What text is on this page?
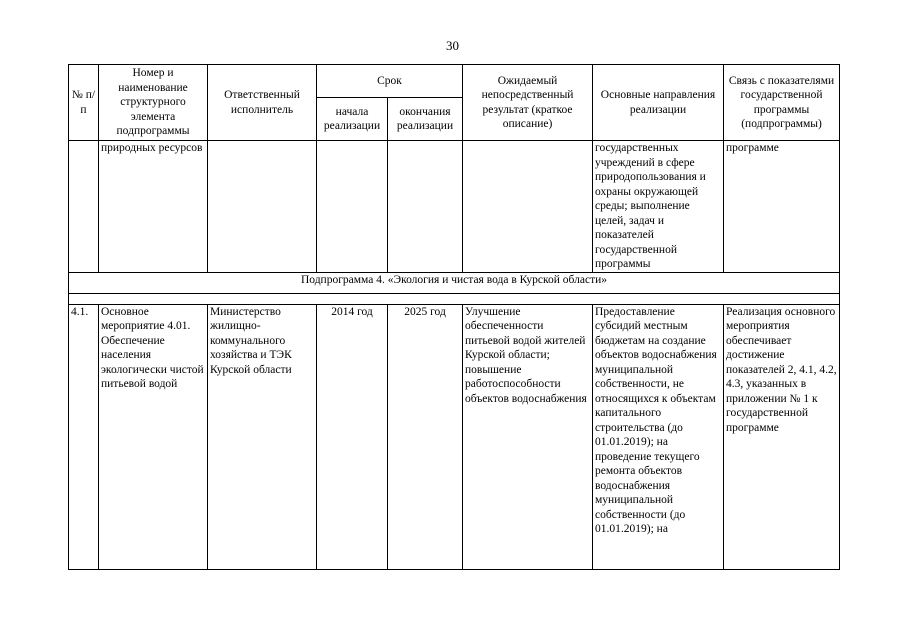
30
№ п/п	Номер и наименование структурного элемента подпрограммы	Ответственный исполнитель	Срок		Ожидаемый непосредственный результат (краткое описание)	Основные направления реализации	Связь с показателями государственной программы (подпрограммы)
			начала реализации	окончания реализации			
	природных ресурсов					государственных учреждений в сфере природопользования и охраны окружающей среды; выполнение целей, задач и показателей государственной программы	программе
Подпрограмма 4. «Экология и чистая вода в Курской области»							

4.1.	Основное мероприятие 4.01. Обеспечение населения экологически чистой питьевой водой	Министерство жилищно-коммунального хозяйства и ТЭК Курской области	2014 год	2025 год	Улучшение обеспеченности питьевой водой жителей Курской области; повышение работоспособности объектов водоснабжения	Предоставление субсидий местным бюджетам на создание объектов водоснабжения муниципальной собственности, не относящихся к объектам капитального строительства (до 01.01.2019); на проведение текущего ремонта объектов водоснабжения муниципальной собственности (до 01.01.2019); на	Реализация основного мероприятия обеспечивает достижение показателей 2, 4.1, 4.2, 4.3, указанных в приложении № 1 к государственной программе
